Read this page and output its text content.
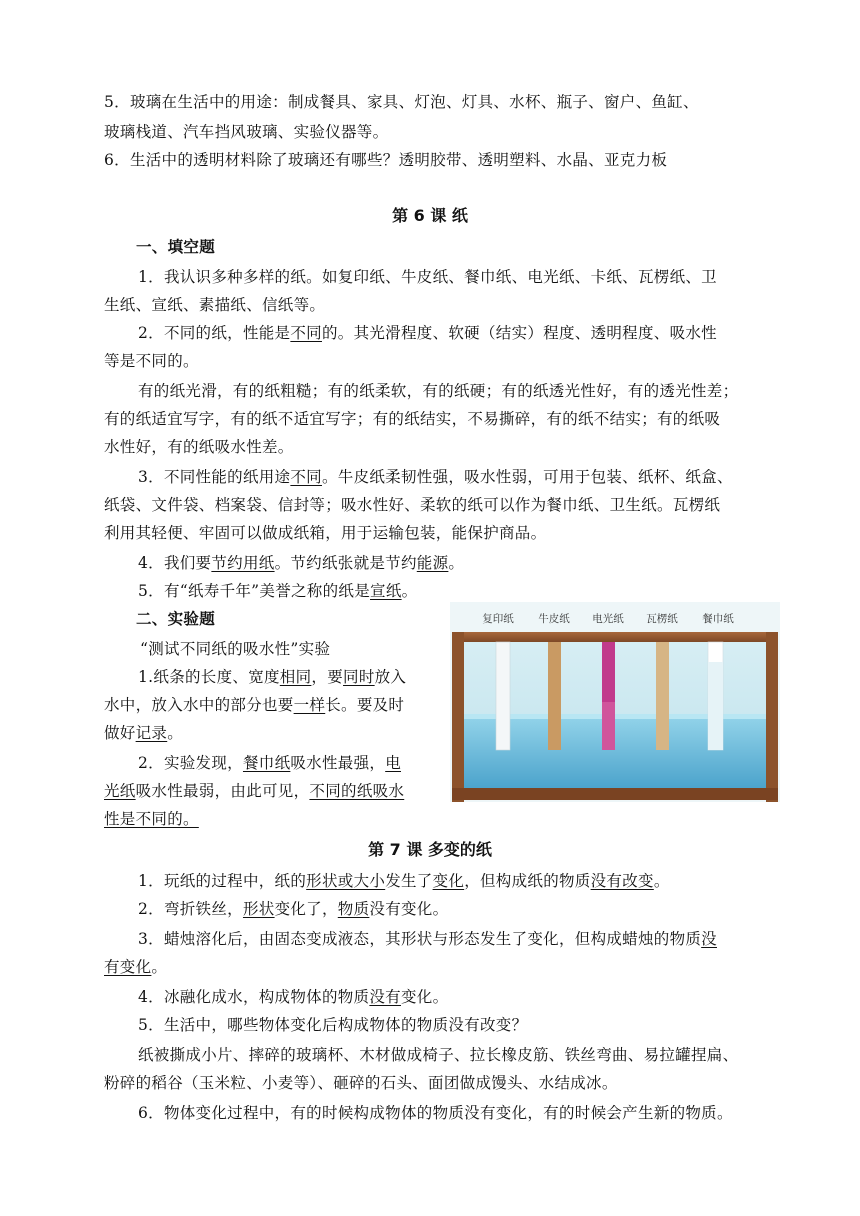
5．玻璃在生活中的用途：制成餐具、家具、灯泡、灯具、水杯、瓶子、窗户、鱼缸、
玻璃栈道、汽车挡风玻璃、实验仪器等。
6．生活中的透明材料除了玻璃还有哪些？透明胶带、透明塑料、水晶、亚克力板
第 6 课 纸
一、填空题
1．我认识多种多样的纸。如复印纸、牛皮纸、餐巾纸、电光纸、卡纸、瓦楞纸、卫
生纸、宣纸、素描纸、信纸等。
2．不同的纸，性能是不同的。其光滑程度、软硬（结实）程度、透明程度、吸水性
等是不同的。
有的纸光滑，有的纸粗糙；有的纸柔软，有的纸硬；有的纸透光性好，有的透光性差；
有的纸适宜写字，有的纸不适宜写字；有的纸结实，不易撕碎，有的纸不结实；有的纸吸
水性好，有的纸吸水性差。
3．不同性能的纸用途不同。牛皮纸柔韧性强，吸水性弱，可用于包装、纸杯、纸盒、
纸袋、文件袋、档案袋、信封等；吸水性好、柔软的纸可以作为餐巾纸、卫生纸。瓦楞纸
利用其轻便、牢固可以做成纸箱，用于运输包装，能保护商品。
4．我们要节约用纸。节约纸张就是节约能源。
5．有“纸寿千年”美誉之称的纸是宣纸。
二、实验题
“测试不同纸的吸水性”实验
1.纸条的长度、宽度相同，要同时放入
水中，放入水中的部分也要一样长。要及时
做好记录。
2．实验发现，餐巾纸吸水性最强，电
光纸吸水性最弱，由此可见，不同的纸吸水
性是不同的。
复印纸 牛皮纸 电光纸 瓦楞纸 餐巾纸
第 7 课 多变的纸
1．玩纸的过程中，纸的形状或大小发生了变化，但构成纸的物质没有改变。
2．弯折铁丝，形状变化了，物质没有变化。
3．蜡烛溶化后，由固态变成液态，其形状与形态发生了变化，但构成蜡烛的物质没
有变化。
4．冰融化成水，构成物体的物质没有变化。
5．生活中，哪些物体变化后构成物体的物质没有改变？
纸被撕成小片、摔碎的玻璃杯、木材做成椅子、拉长橡皮筋、铁丝弯曲、易拉罐捏扁、
粉碎的稻谷（玉米粒、小麦等）、砸碎的石头、面团做成馒头、水结成冰。
6．物体变化过程中，有的时候构成物体的物质没有变化，有的时候会产生新的物质。
